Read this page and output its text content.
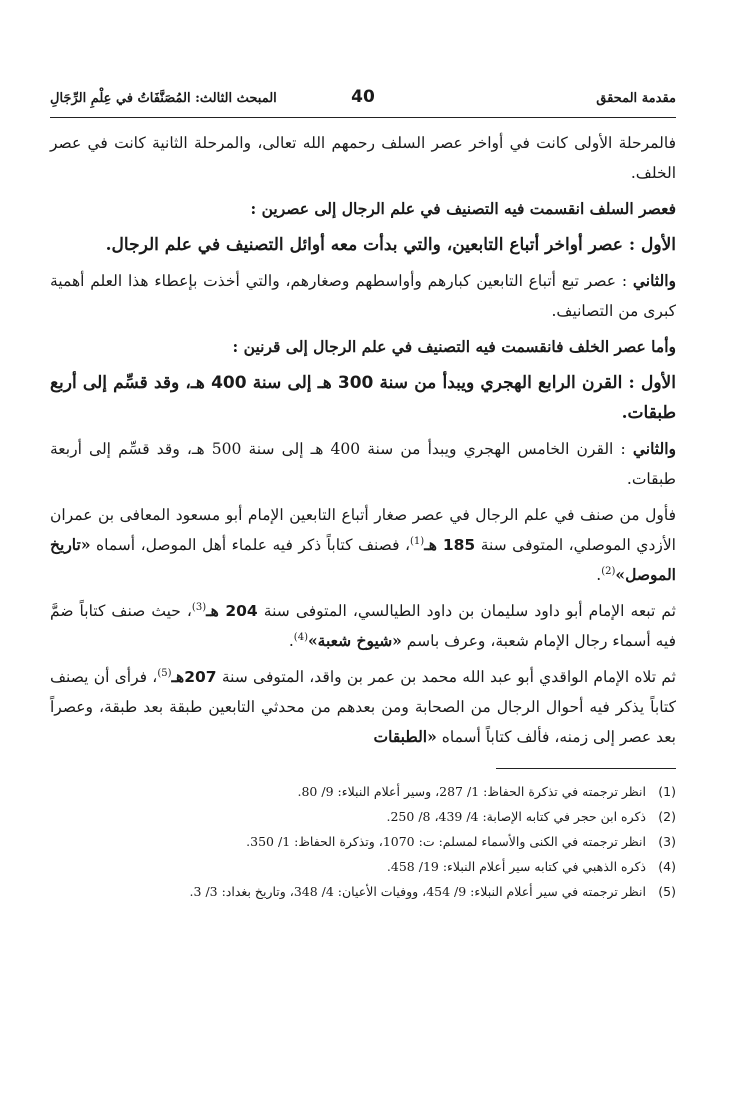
مقدمة المحقق
40
المبحث الثالث: المُصَنَّفَاتُ في عِلْمِ الرِّجَالِ

فالمرحلة الأولى كانت في أواخر عصر السلف رحمهم الله تعالى، والمرحلة الثانية كانت في عصر الخلف.

فعصر السلف انقسمت فيه التصنيف في علم الرجال إلى عصرين :

الأول : عصر أواخر أتباع التابعين، والتي بدأت معه أوائل التصنيف في علم الرجال.

والثاني : عصر تبع أتباع التابعين كبارهم وأواسطهم وصغارهم، والتي أخذت بإعطاء هذا العلم أهمية كبرى من التصانيف.

وأما عصر الخلف فانقسمت فيه التصنيف في علم الرجال إلى قرنين :

الأول : القرن الرابع الهجري ويبدأ من سنة 300 هـ إلى سنة 400 هـ، وقد قسِّم إلى أربع طبقات.

والثاني : القرن الخامس الهجري ويبدأ من سنة 400 هـ إلى سنة 500 هـ، وقد قسِّم إلى أربعة طبقات.

فأول من صنف في علم الرجال في عصر صغار أتباع التابعين الإمام أبو مسعود المعافى بن عمران الأزدي الموصلي، المتوفى سنة 185 هـ$^{(1)}$، فصنف كتاباً ذكر فيه علماء أهل الموصل، أسماه «تاريخ الموصل»$^{(2)}$.

ثم تبعه الإمام أبو داود سليمان بن داود الطيالسي، المتوفى سنة 204 هـ$^{(3)}$، حيث صنف كتاباً ضمَّ فيه أسماء رجال الإمام شعبة، وعرف باسم «شيوخ شعبة»$^{(4)}$.

ثم تلاه الإمام الواقدي أبو عبد الله محمد بن عمر بن واقد، المتوفى سنة 207هـ$^{(5)}$، فرأى أن يصنف كتاباً يذكر فيه أحوال الرجال من الصحابة ومن بعدهم من محدثي التابعين طبقة بعد طبقة، وعصراً بعد عصر إلى زمنه، فألف كتاباً أسماه «الطبقات

(1)انظر ترجمته في تذكرة الحفاظ: 1/ 287، وسير أعلام النبلاء: 9/ 80.
(2)ذكره ابن حجر في كتابه الإصابة: 4/ 439، 8/ 250.
(3)انظر ترجمته في الكنى والأسماء لمسلم: ت: 1070، وتذكرة الحفاظ: 1/ 350.
(4)ذكره الذهبي في كتابه سير أعلام النبلاء: 19/ 458.
(5)انظر ترجمته في سير أعلام النبلاء: 9/ 454، ووفيات الأعيان: 4/ 348، وتاريخ بغداد: 3/ 3.
